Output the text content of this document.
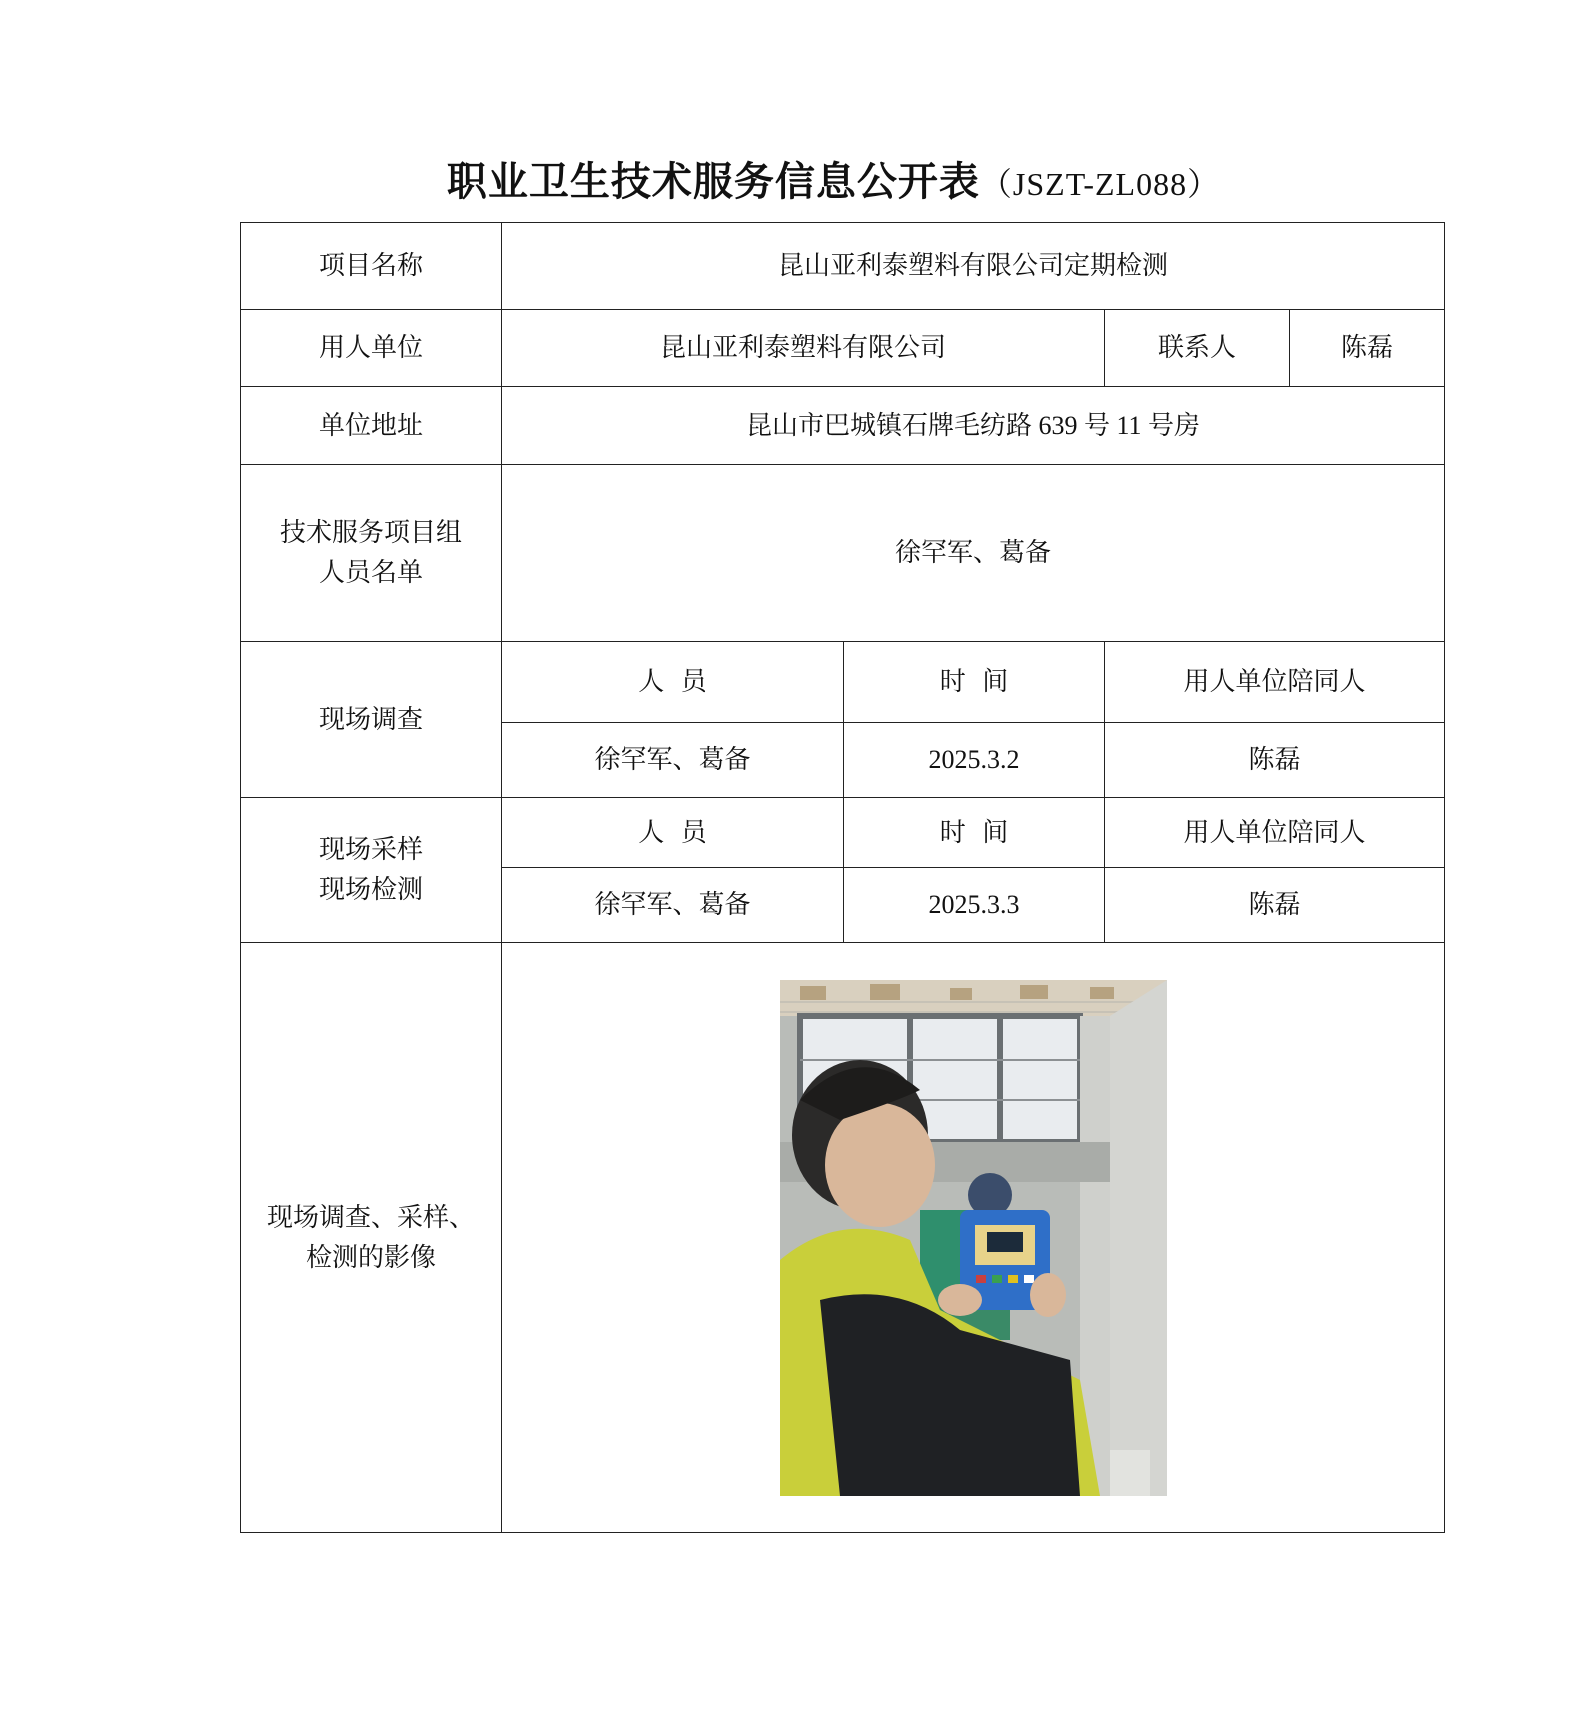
职业卫生技术服务信息公开表（JSZT-ZL088）
项目名称	昆山亚利泰塑料有限公司定期检测			
用人单位	昆山亚利泰塑料有限公司		联系人	陈磊
单位地址	昆山市巴城镇石牌毛纺路 639 号 11 号房			

技术服务项目组
人员名单	徐罕军、葛备			
现场调查	人  员	时  间	用人单位陪同人	
	徐罕军、葛备	2025.3.2	陈磊	

现场采样
现场检测	人  员	时  间	用人单位陪同人	
	徐罕军、葛备	2025.3.3	陈磊	

现场调查、采样、
检测的影像
